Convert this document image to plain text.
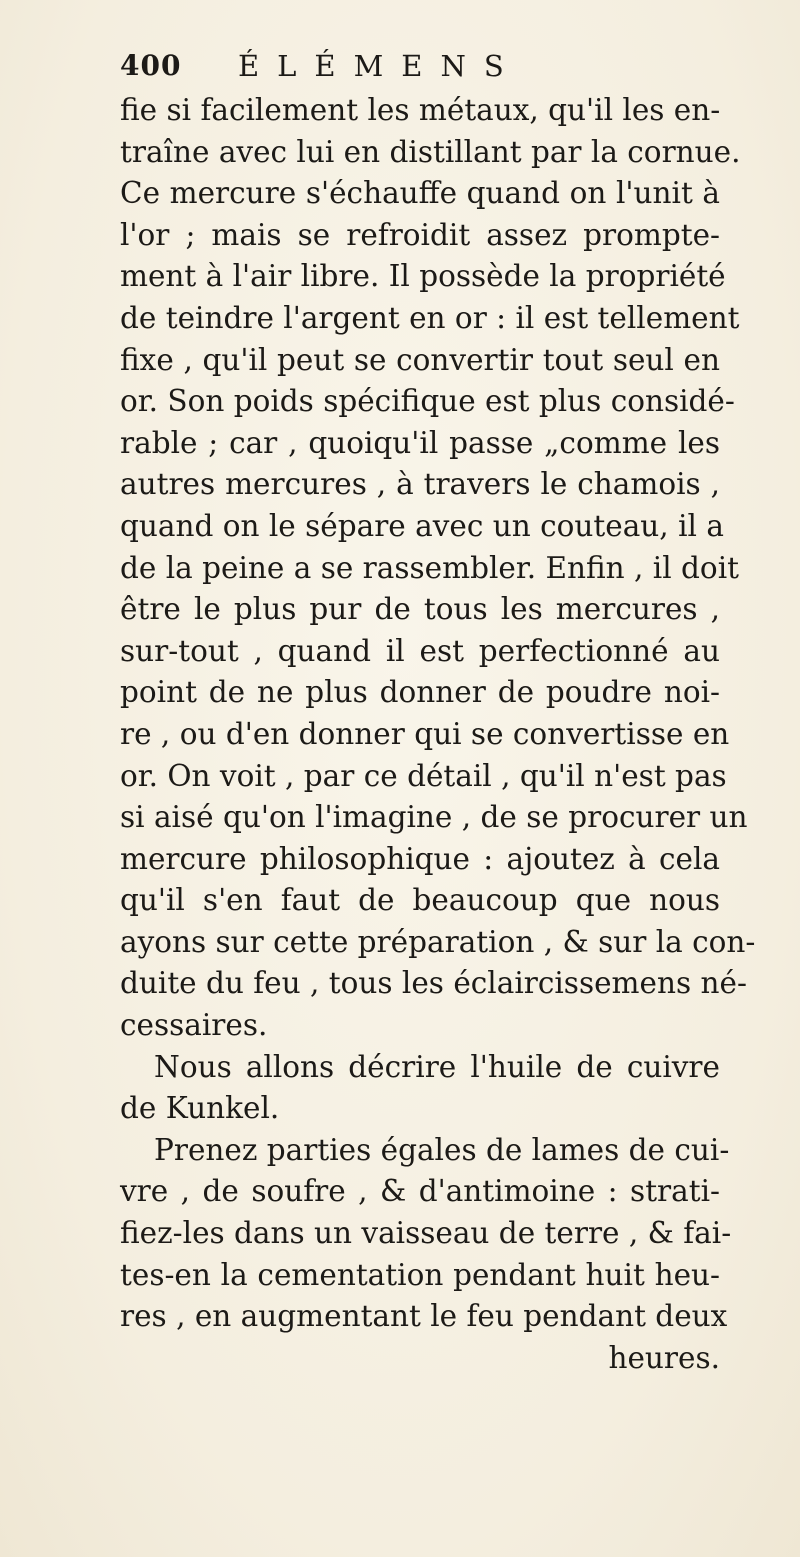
400 ÉLÉMENS
fie si facilement les métaux, qu'il les en-
traîne avec lui en distillant par la cornue.
Ce mercure s'échauffe quand on l'unit à
l'or ; mais se refroidit assez prompte-
ment à l'air libre. Il possède la propriété
de teindre l'argent en or : il est tellement
fixe , qu'il peut se convertir tout seul en
or. Son poids spécifique est plus considé-
rable ; car , quoiqu'il passe „comme les
autres mercures , à travers le chamois ,
quand on le sépare avec un couteau, il a
de la peine a se rassembler. Enfin , il doit
être le plus pur de tous les mercures ,
sur-tout , quand il est perfectionné au
point de ne plus donner de poudre noi-
re , ou d'en donner qui se convertisse en
or. On voit , par ce détail , qu'il n'est pas
si aisé qu'on l'imagine , de se procurer un
mercure philosophique : ajoutez à cela
qu'il s'en faut de beaucoup que nous
ayons sur cette préparation , & sur la con-
duite du feu , tous les éclaircissemens né-
cessaires.
Nous allons décrire l'huile de cuivre
de Kunkel.
Prenez parties égales de lames de cui-
vre , de soufre , & d'antimoine : strati-
fiez-les dans un vaisseau de terre , & fai-
tes-en la cementation pendant huit heu-
res , en augmentant le feu pendant deux
heures.
